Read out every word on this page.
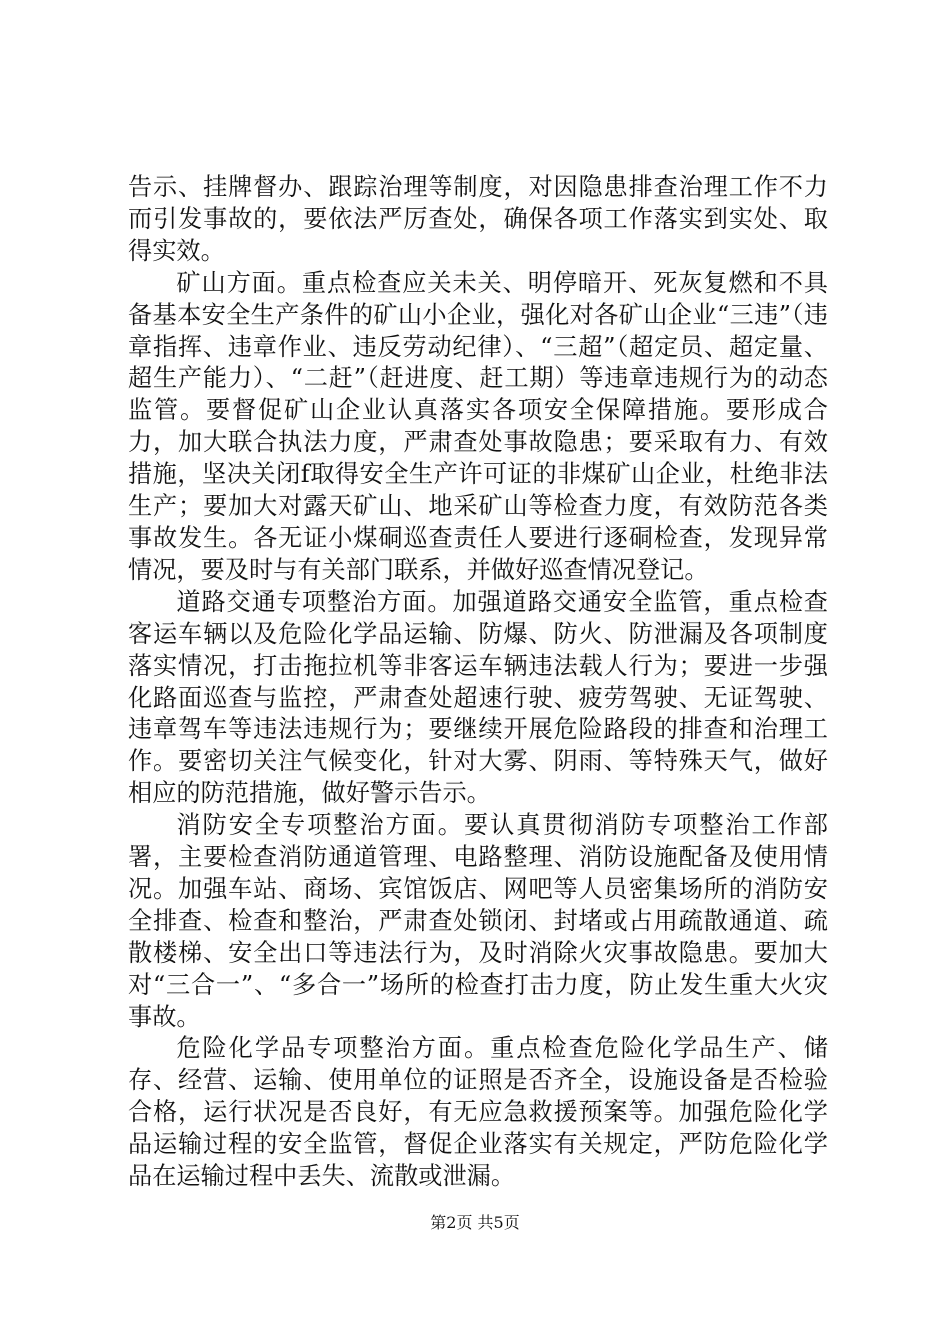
告示、挂牌督办、跟踪治理等制度，对因隐患排查治理工作不力而引发事故的，要依法严厉查处，确保各项工作落实到实处、取得实效。

矿山方面。重点检查应关未关、明停暗开、死灰复燃和不具备基本安全生产条件的矿山小企业，强化对各矿山企业“三违”（违章指挥、违章作业、违反劳动纪律）、“三超”（超定员、超定量、超生产能力）、“二赶”（赶进度、赶工期）等违章违规行为的动态监管。要督促矿山企业认真落实各项安全保障措施。要形成合力，加大联合执法力度，严肃查处事故隐患；要采取有力、有效措施，坚决关闭f取得安全生产许可证的非煤矿山企业，杜绝非法生产；要加大对露天矿山、地采矿山等检查力度，有效防范各类事故发生。各无证小煤硐巡查责任人要进行逐硐检查，发现异常情况，要及时与有关部门联系，并做好巡查情况登记。

道路交通专项整治方面。加强道路交通安全监管，重点检查客运车辆以及危险化学品运输、防爆、防火、防泄漏及各项制度落实情况，打击拖拉机等非客运车辆违法载人行为；要进一步强化路面巡查与监控，严肃查处超速行驶、疲劳驾驶、无证驾驶、违章驾车等违法违规行为；要继续开展危险路段的排查和治理工作。要密切关注气候变化，针对大雾、阴雨、等特殊天气，做好相应的防范措施，做好警示告示。

消防安全专项整治方面。要认真贯彻消防专项整治工作部署，主要检查消防通道管理、电路整理、消防设施配备及使用情况。加强车站、商场、宾馆饭店、网吧等人员密集场所的消防安全排查、检查和整治，严肃查处锁闭、封堵或占用疏散通道、疏散楼梯、安全出口等违法行为，及时消除火灾事故隐患。要加大对“三合一”、“多合一”场所的检查打击力度，防止发生重大火灾事故。

危险化学品专项整治方面。重点检查危险化学品生产、储存、经营、运输、使用单位的证照是否齐全，设施设备是否检验合格，运行状况是否良好，有无应急救援预案等。加强危险化学品运输过程的安全监管，督促企业落实有关规定，严防危险化学品在运输过程中丢失、流散或泄漏。

第2页 共5页
